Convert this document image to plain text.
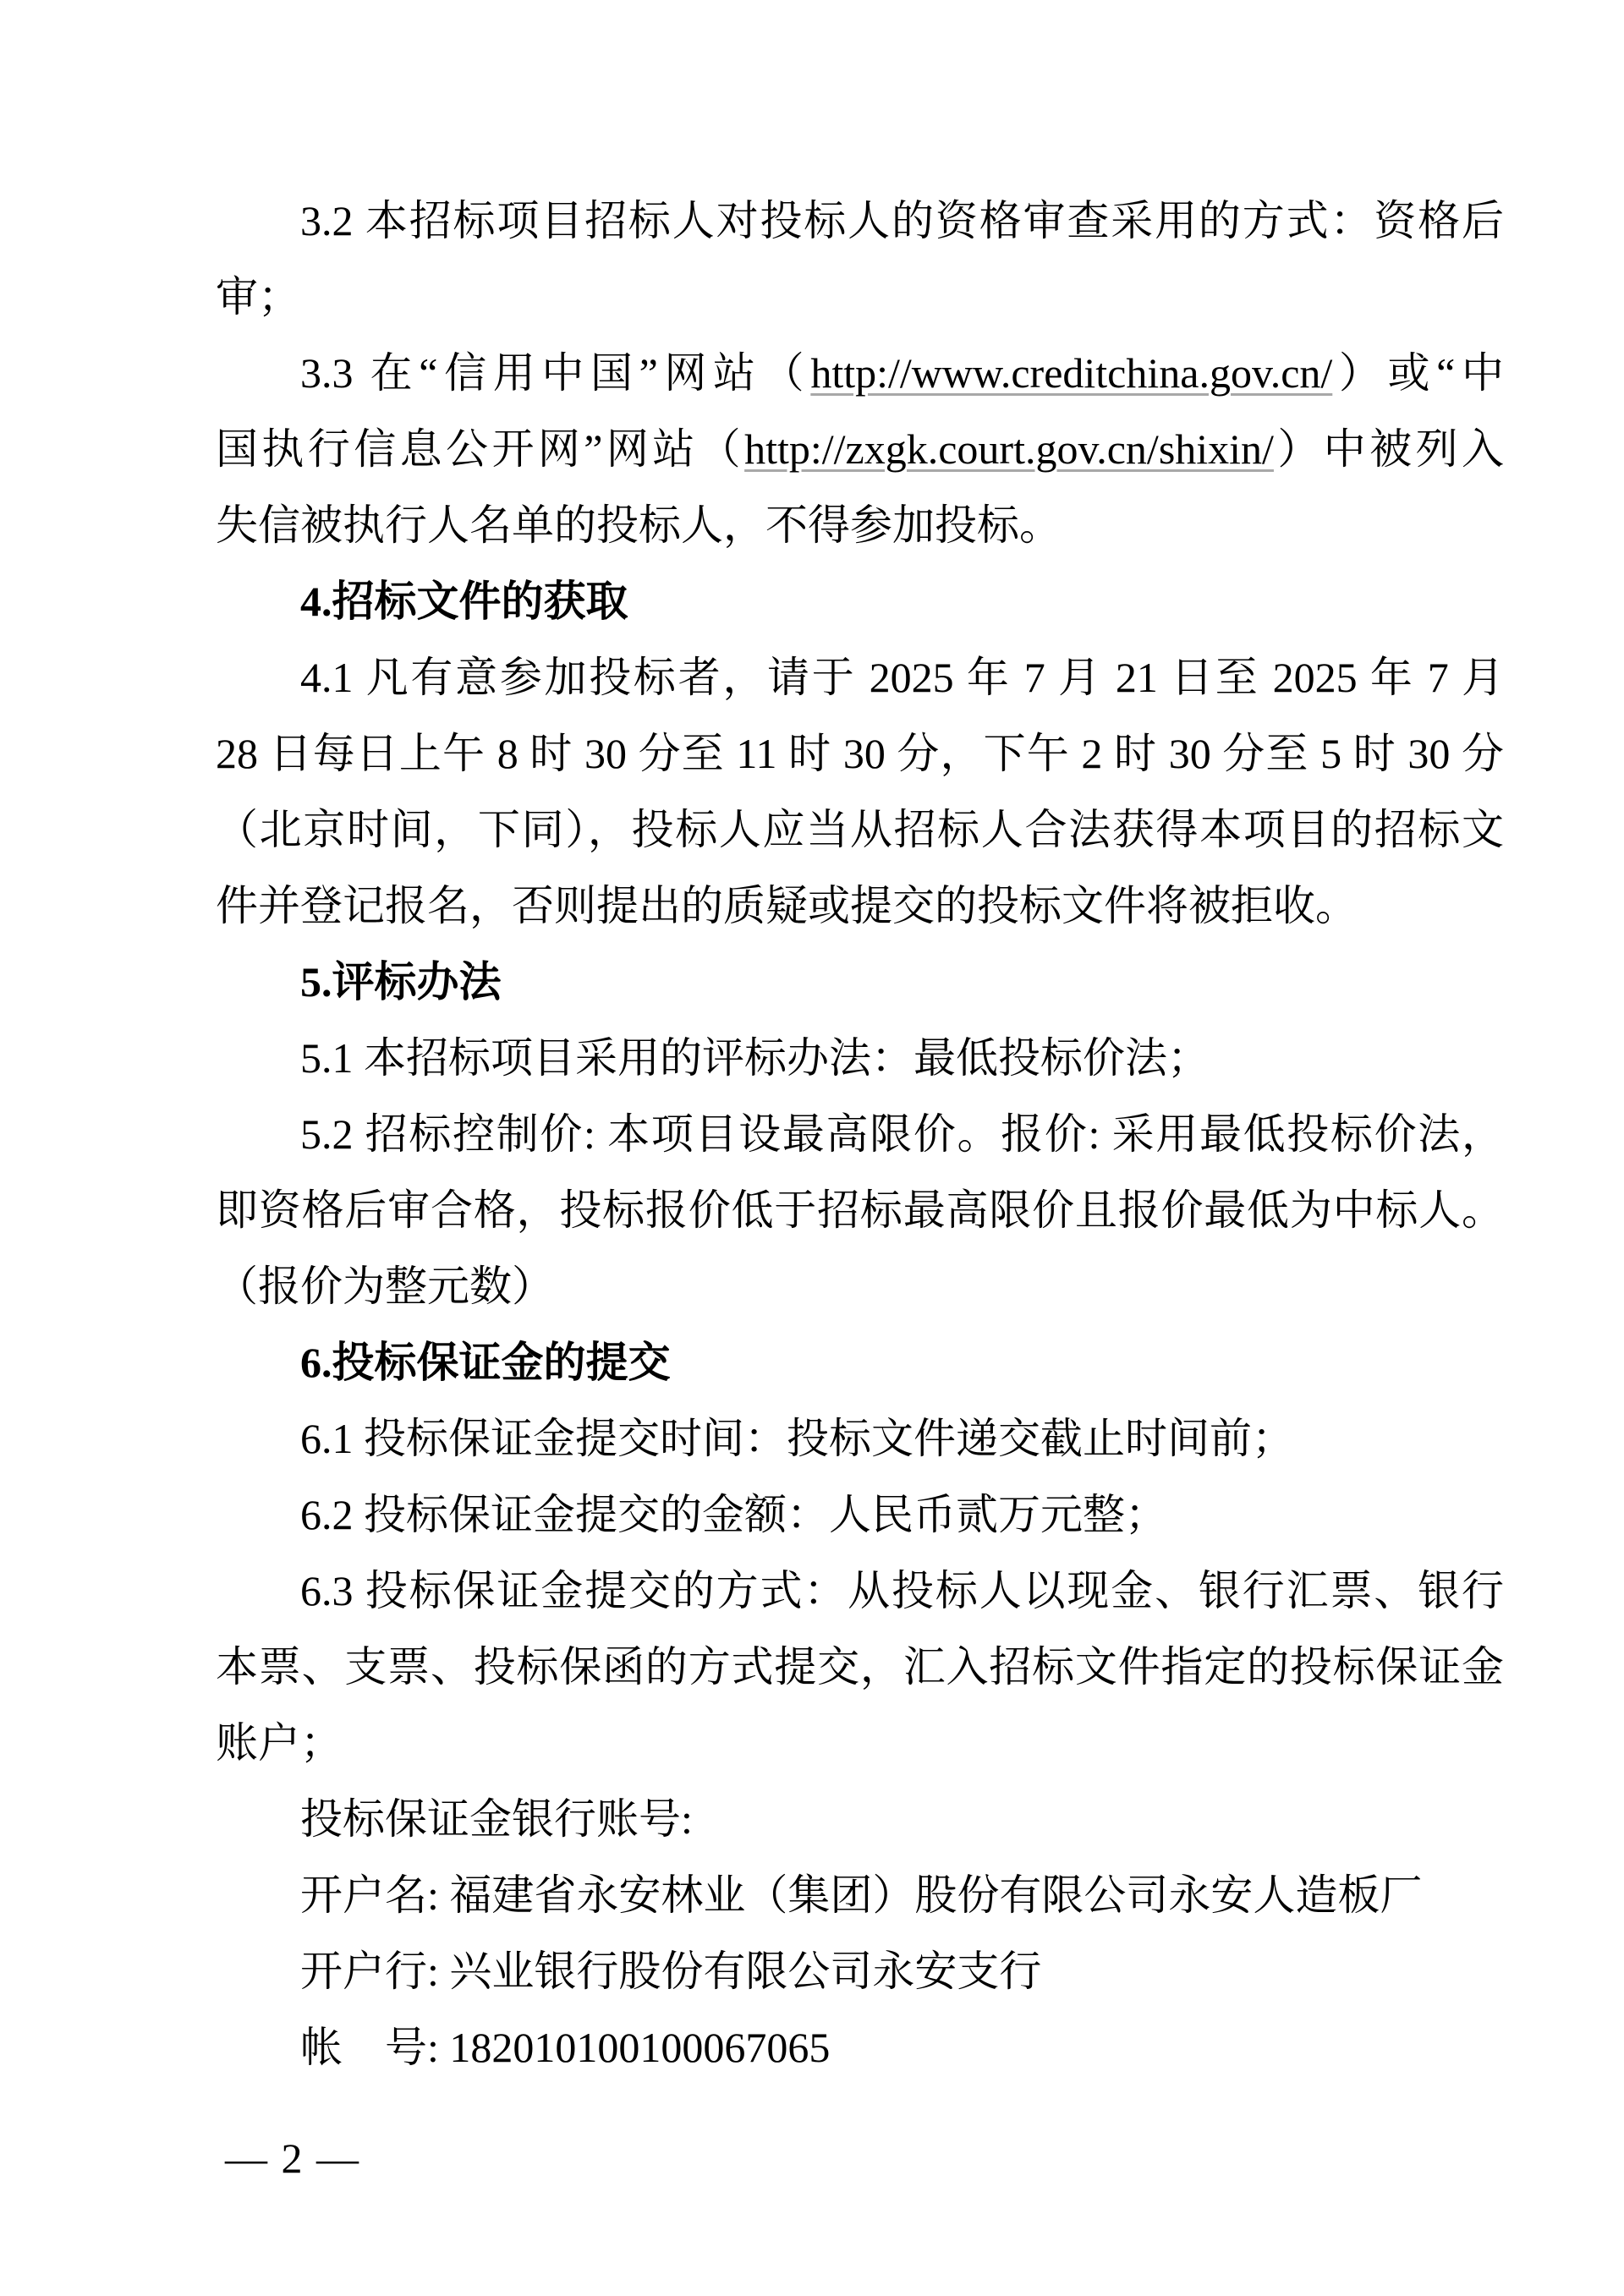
3.2 本招标项目招标人对投标人的资格审查采用的方式：资格后
审；
3.3 在“信用中国”网站（http://www.creditchina.gov.cn/）或“中
国执行信息公开网”网站（http://zxgk.court.gov.cn/shixin/）中被列入
失信被执行人名单的投标人，不得参加投标。
4.招标文件的获取
4.1 凡有意参加投标者，请于 2025 年 7 月 21 日至 2025 年 7 月
28 日每日上午 8 时 30 分至 11 时 30 分，下午 2 时 30 分至 5 时 30 分
（北京时间，下同），投标人应当从招标人合法获得本项目的招标文
件并登记报名，否则提出的质疑或提交的投标文件将被拒收。
5.评标办法
5.1 本招标项目采用的评标办法：最低投标价法；
5.2 招标控制价: 本项目设最高限价。报价: 采用最低投标价法，
即资格后审合格，投标报价低于招标最高限价且报价最低为中标人。
（报价为整元数）
6.投标保证金的提交
6.1 投标保证金提交时间：投标文件递交截止时间前；
6.2 投标保证金提交的金额：人民币贰万元整；
6.3 投标保证金提交的方式：从投标人以现金、银行汇票、银行
本票、支票、投标保函的方式提交，汇入招标文件指定的投标保证金
账户；
投标保证金银行账号:
开户名: 福建省永安林业（集团）股份有限公司永安人造板厂
开户行: 兴业银行股份有限公司永安支行
帐　号: 182010100100067065
— 2 —
